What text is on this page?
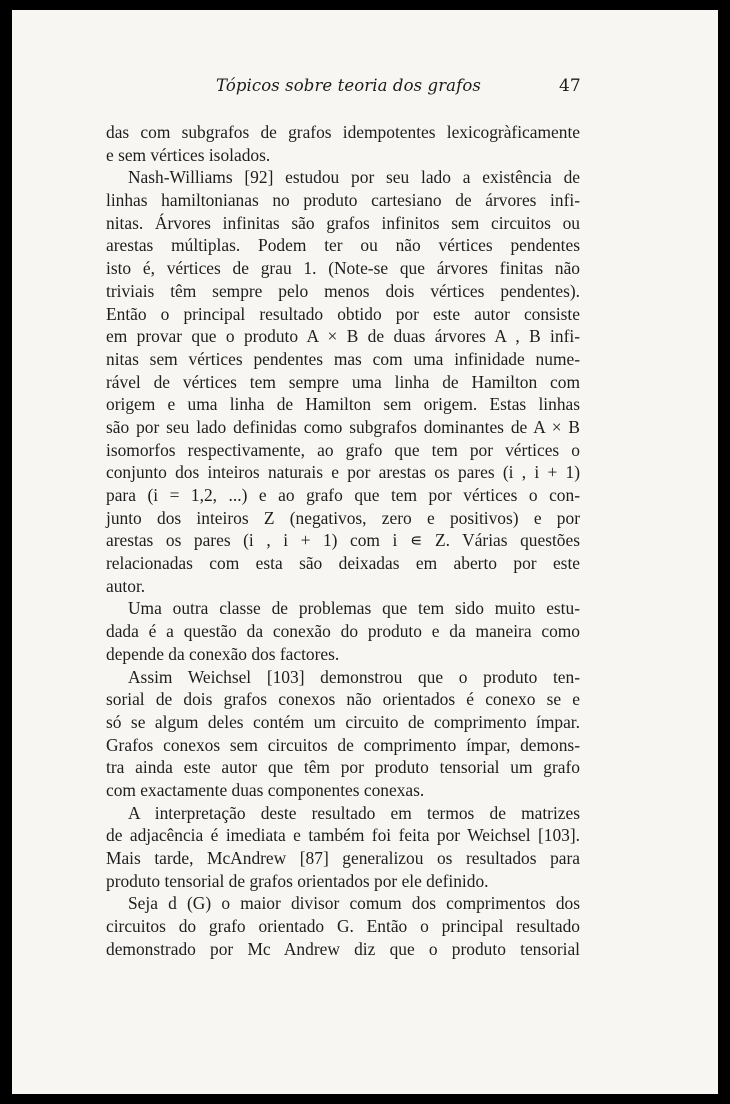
Tópicos sobre teoria dos grafos	47
das com subgrafos de grafos idempotentes lexicogràficamente
e sem vértices isolados.
Nash-Williams [92] estudou por seu lado a existência de
linhas hamiltonianas no produto cartesiano de árvores infi-
nitas. Árvores infinitas são grafos infinitos sem circuitos ou
arestas múltiplas. Podem ter ou não vértices pendentes
isto é, vértices de grau 1. (Note-se que árvores finitas não
triviais têm sempre pelo menos dois vértices pendentes).
Então o principal resultado obtido por este autor consiste
em provar que o produto A × B de duas árvores A , B infi-
nitas sem vértices pendentes mas com uma infinidade nume-
rável de vértices tem sempre uma linha de Hamilton com
origem e uma linha de Hamilton sem origem. Estas linhas
são por seu lado definidas como subgrafos dominantes de A × B
isomorfos respectivamente, ao grafo que tem por vértices o
conjunto dos inteiros naturais e por arestas os pares (i , i + 1)
para (i = 1,2, ...) e ao grafo que tem por vértices o con-
junto dos inteiros Z (negativos, zero e positivos) e por
arestas os pares (i , i + 1) com i ∊ Z. Várias questões
relacionadas com esta são deixadas em aberto por este
autor.
Uma outra classe de problemas que tem sido muito estu-
dada é a questão da conexão do produto e da maneira como
depende da conexão dos factores.
Assim Weichsel [103] demonstrou que o produto ten-
sorial de dois grafos conexos não orientados é conexo se e
só se algum deles contém um circuito de comprimento ímpar.
Grafos conexos sem circuitos de comprimento ímpar, demons-
tra ainda este autor que têm por produto tensorial um grafo
com exactamente duas componentes conexas.
A interpretação deste resultado em termos de matrizes
de adjacência é imediata e também foi feita por Weichsel [103].
Mais tarde, McAndrew [87] generalizou os resultados para
produto tensorial de grafos orientados por ele definido.
Seja d (G) o maior divisor comum dos comprimentos dos
circuitos do grafo orientado G. Então o principal resultado
demonstrado por Mc Andrew diz que o produto tensorial
